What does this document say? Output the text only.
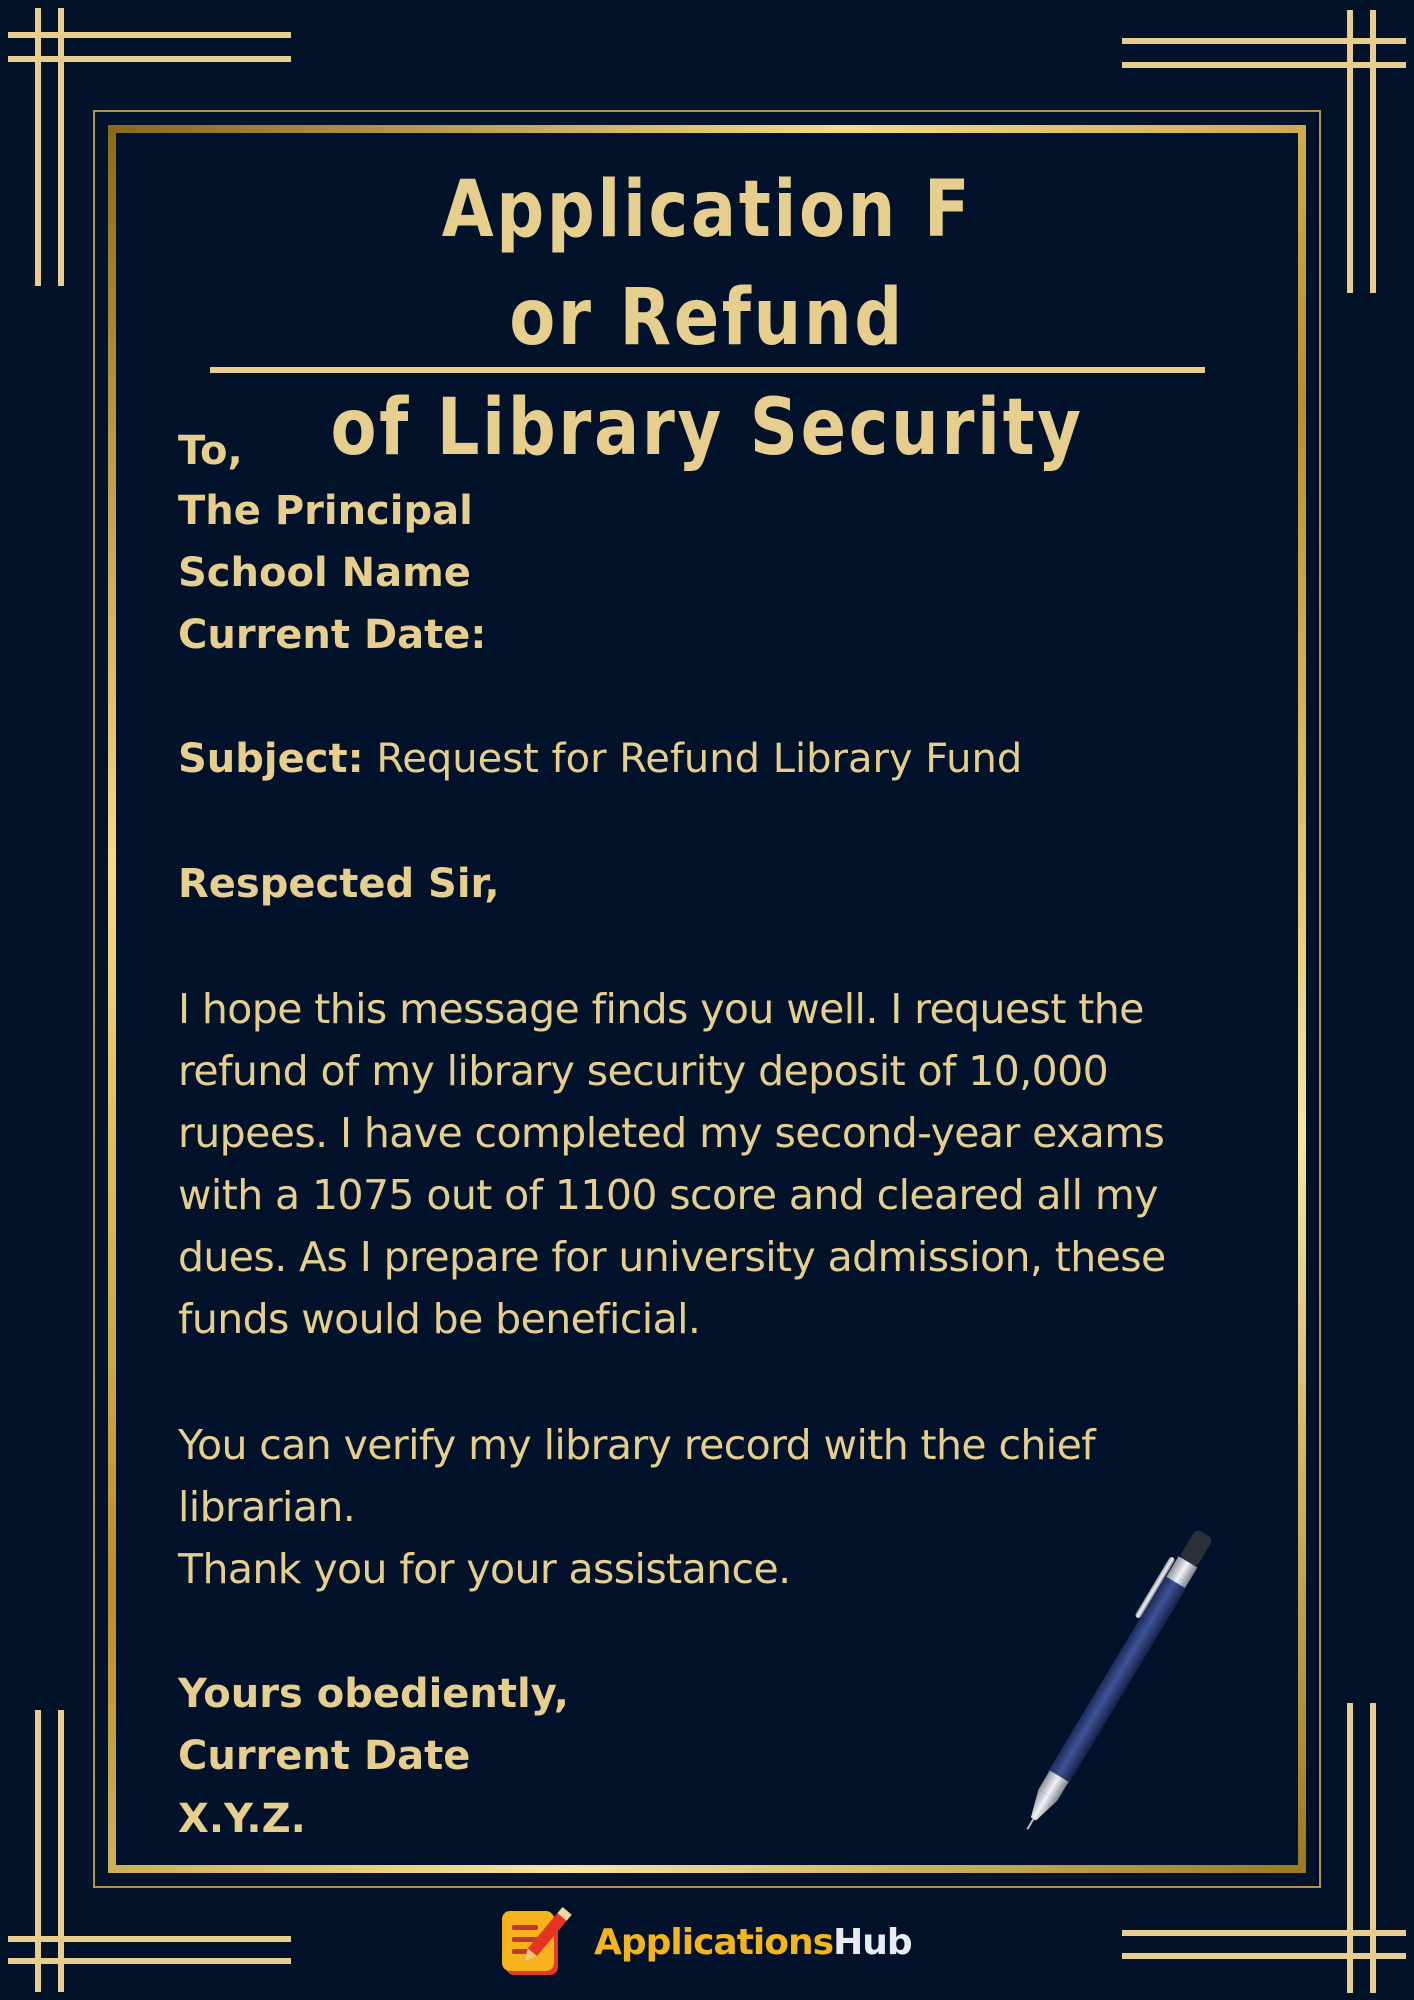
Application F
or Refund
of Library Security
To,
The Principal
School Name
Current Date:
Subject: Request for Refund Library Fund
Respected Sir,
I hope this message finds you well. I request the
refund of my library security deposit of 10,000
rupees. I have completed my second-year exams
with a 1075 out of 1100 score and cleared all my
dues. As I prepare for university admission, these
funds would be beneficial.
You can verify my library record with the chief
librarian.
Thank you for your assistance.
Yours obediently,
Current Date
X.Y.Z.
ApplicationsHub
